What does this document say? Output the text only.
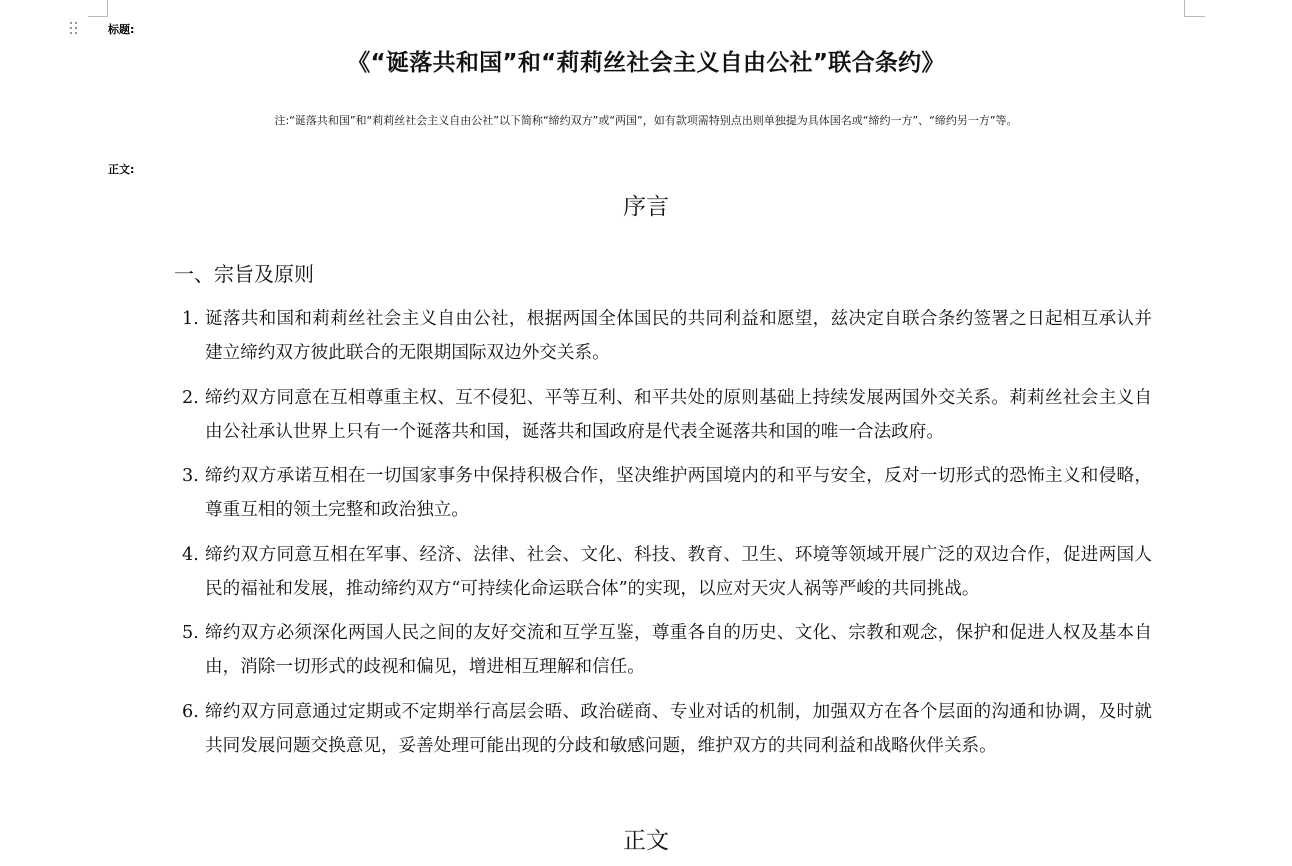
标题:
《“诞落共和国”和“莉莉丝社会主义自由公社”联合条约》
注:“诞落共和国”和“莉莉丝社会主义自由公社”以下简称“缔约双方”或“两国”，如有款项需特别点出则单独提为具体国名或“缔约一方”、“缔约另一方”等。
正文:
序言
一、宗旨及原则
1. 诞落共和国和莉莉丝社会主义自由公社，根据两国全体国民的共同利益和愿望，兹决定自联合条约签署之日起相互承认并建立缔约双方彼此联合的无限期国际双边外交关系。
2. 缔约双方同意在互相尊重主权、互不侵犯、平等互利、和平共处的原则基础上持续发展两国外交关系。莉莉丝社会主义自由公社承认世界上只有一个诞落共和国，诞落共和国政府是代表全诞落共和国的唯一合法政府。
3. 缔约双方承诺互相在一切国家事务中保持积极合作，坚决维护两国境内的和平与安全，反对一切形式的恐怖主义和侵略，尊重互相的领土完整和政治独立。
4. 缔约双方同意互相在军事、经济、法律、社会、文化、科技、教育、卫生、环境等领域开展广泛的双边合作，促进两国人民的福祉和发展，推动缔约双方“可持续化命运联合体”的实现，以应对天灾人祸等严峻的共同挑战。
5. 缔约双方必须深化两国人民之间的友好交流和互学互鉴，尊重各自的历史、文化、宗教和观念，保护和促进人权及基本自由，消除一切形式的歧视和偏见，增进相互理解和信任。
6. 缔约双方同意通过定期或不定期举行高层会晤、政治磋商、专业对话的机制，加强双方在各个层面的沟通和协调，及时就共同发展问题交换意见，妥善处理可能出现的分歧和敏感问题，维护双方的共同利益和战略伙伴关系。
正文
